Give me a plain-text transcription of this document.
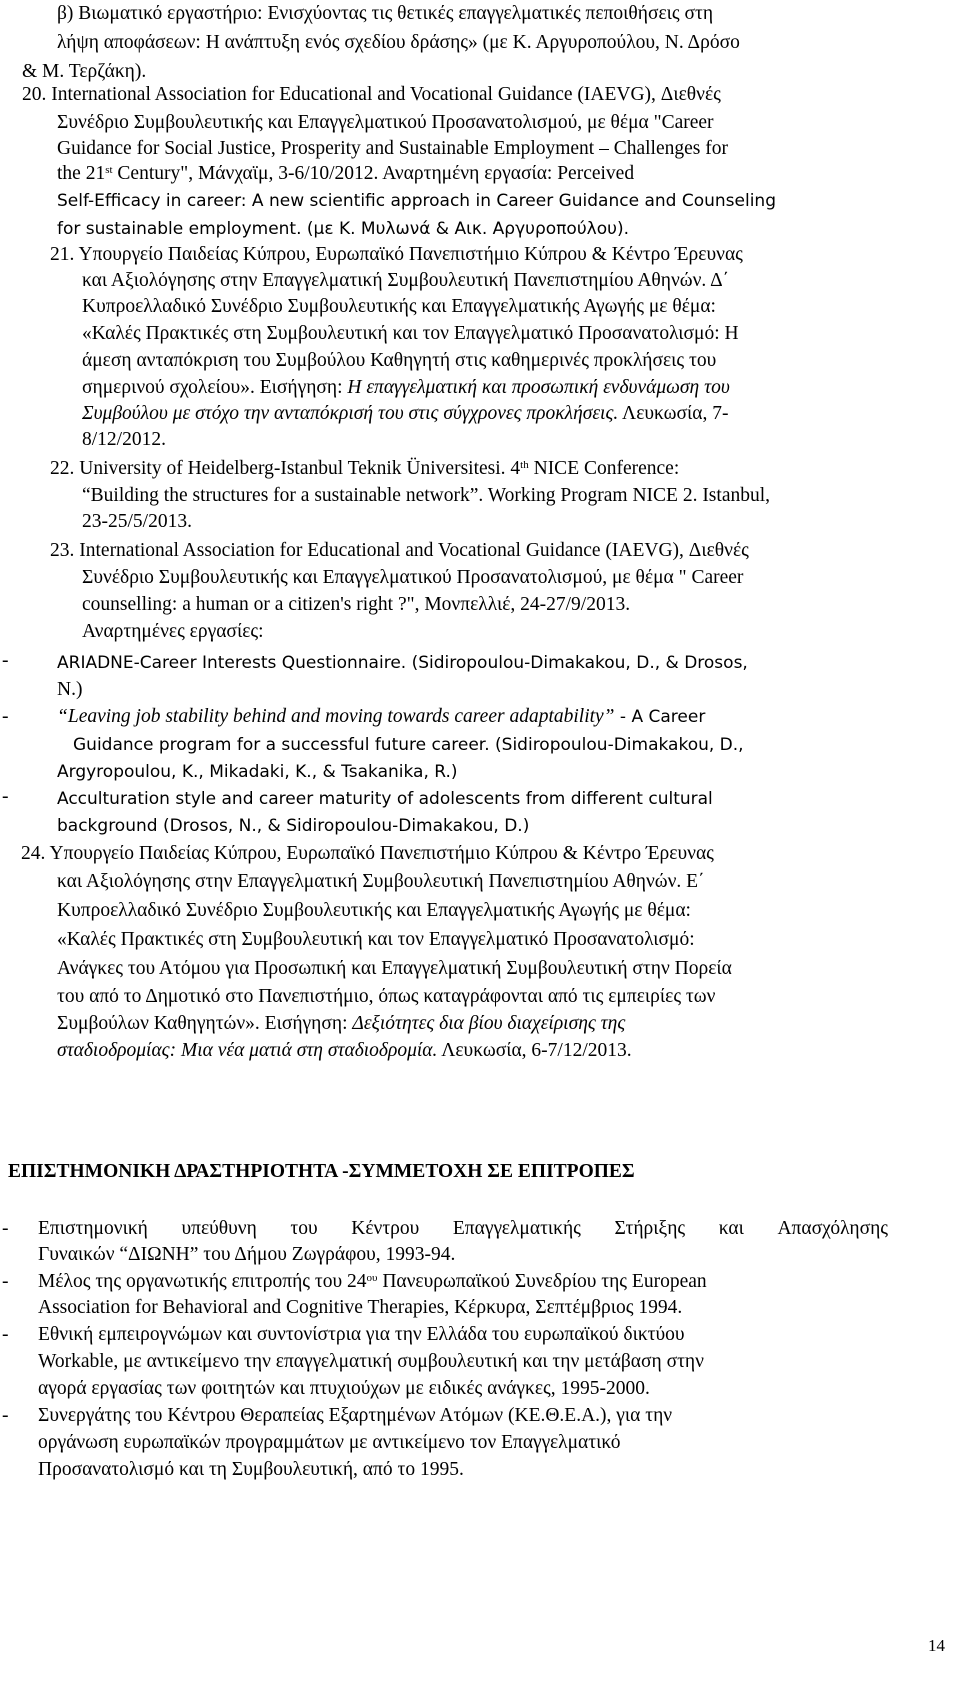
β) Βιωματικό εργαστήριο: Ενισχύοντας τις θετικές επαγγελματικές πεποιθήσεις στη
λήψη αποφάσεων: Η ανάπτυξη ενός σχεδίου δράσης» (με Κ. Αργυροπούλου, Ν. Δρόσο
& Μ. Τερζάκη).
20. International Association for Educational and Vocational Guidance (IAEVG), Διεθνές
Συνέδριο Συμβουλευτικής και Επαγγελματικού Προσανατολισμού, με θέμα "Career
Guidance for Social Justice, Prosperity and Sustainable Employment – Challenges for
the 21st Century", Μάνχαϊμ, 3-6/10/2012. Αναρτημένη εργασία: Perceived
Self-Efficacy in career: A new scientific approach in Career Guidance and Counseling
for sustainable employment. (με Κ. Μυλωνά & Αικ. Αργυροπούλου).
21. Υπουργείο Παιδείας Κύπρου, Ευρωπαϊκό Πανεπιστήμιο Κύπρου & Κέντρο Έρευνας
και Αξιολόγησης στην Επαγγελματική Συμβουλευτική Πανεπιστημίου Αθηνών. Δ΄
Κυπροελλαδικό Συνέδριο Συμβουλευτικής και Επαγγελματικής Αγωγής με θέμα:
«Καλές Πρακτικές στη Συμβουλευτική και τον Επαγγελματικό Προσανατολισμό: Η
άμεση ανταπόκριση του Συμβούλου Καθηγητή στις καθημερινές προκλήσεις του
σημερινού σχολείου». Εισήγηση: Η επαγγελματική και προσωπική ενδυνάμωση του
Συμβούλου με στόχο την ανταπόκρισή του στις σύγχρονες προκλήσεις. Λευκωσία, 7-
8/12/2012.
22. University of Heidelberg-Istanbul Teknik Üniversitesi. 4th NICE Conference:
“Building the structures for a sustainable network”. Working Program NICE 2. Istanbul,
23-25/5/2013.
23. International Association for Educational and Vocational Guidance (IAEVG), Διεθνές
Συνέδριο Συμβουλευτικής και Επαγγελματικού Προσανατολισμού, με θέμα " Career
counselling: a human or a citizen's right ?", Μονπελλιέ, 24-27/9/2013.
Αναρτημένες εργασίες:
-	ARIADNE-Career Interests Questionnaire. (Sidiropoulou-Dimakakou, D., & Drosos,
N.)
- “Leaving job stability behind and moving towards career adaptability” - A Career
Guidance program for a successful future career. (Sidiropoulou-Dimakakou, D.,
Argyropoulou, K., Mikadaki, K., & Tsakanika, R.)
-	Acculturation style and career maturity of adolescents from different cultural
background (Drosos, N., & Sidiropoulou-Dimakakou, D.)
24. Υπουργείο Παιδείας Κύπρου, Ευρωπαϊκό Πανεπιστήμιο Κύπρου & Κέντρο Έρευνας
και Αξιολόγησης στην Επαγγελματική Συμβουλευτική Πανεπιστημίου Αθηνών. Ε΄
Κυπροελλαδικό Συνέδριο Συμβουλευτικής και Επαγγελματικής Αγωγής με θέμα:
«Καλές Πρακτικές στη Συμβουλευτική και τον Επαγγελματικό Προσανατολισμό:
Ανάγκες του Ατόμου για Προσωπική και Επαγγελματική Συμβουλευτική στην Πορεία
του από το Δημοτικό στο Πανεπιστήμιο, όπως καταγράφονται από τις εμπειρίες των
Συμβούλων Καθηγητών». Εισήγηση: Δεξιότητες δια βίου διαχείρισης της
σταδιοδρομίας: Μια νέα ματιά στη σταδιοδρομία. Λευκωσία, 6-7/12/2013.
ΕΠΙΣΤΗΜΟΝΙΚΗ ΔΡΑΣΤΗΡΙΟΤΗΤΑ -ΣΥΜΜΕΤΟΧΗ ΣΕ ΕΠΙΤΡΟΠΕΣ
- Επιστημονική υπεύθυνη του Κέντρου Επαγγελματικής Στήριξης και Απασχόλησης
Γυναικών “ΔΙΩΝΗ” του Δήμου Ζωγράφου, 1993-94.
- Μέλος της οργανωτικής επιτροπής του $24^{o\upsilon}$ Πανευρωπαϊκού Συνεδρίου της European
Association for Behavioral and Cognitive Therapies, Κέρκυρα, Σεπτέμβριος 1994.
- Εθνική εμπειρογνώμων και συντονίστρια για την Ελλάδα του ευρωπαϊκού δικτύου
Workable, με αντικείμενο την επαγγελματική συμβουλευτική και την μετάβαση στην
αγορά εργασίας των φοιτητών και πτυχιούχων με ειδικές ανάγκες, 1995-2000.
- Συνεργάτης του Κέντρου Θεραπείας Εξαρτημένων Ατόμων (ΚΕ.Θ.Ε.Α.), για την
οργάνωση ευρωπαϊκών προγραμμάτων με αντικείμενο τον Επαγγελματικό
Προσανατολισμό και τη Συμβουλευτική, από το 1995.
14
